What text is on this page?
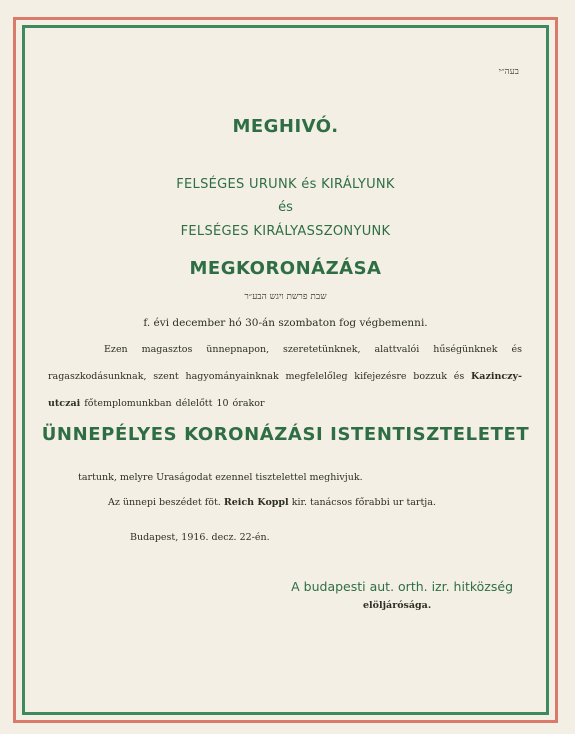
בעה״י
MEGHIVÓ.
FELSÉGES URUNK és KIRÁLYUNK
és
FELSÉGES KIRÁLYASSZONYUNK
MEGKORONÁZÁSA
שבת פרשת ויגש הבע״ר
f. évi december hó 30-án szombaton fog végbemenni.
Ezen magasztos ünnepnapon, szeretetünknek, alattvalói hűségünknek és ragaszkodásunknak, szent hagyományainknak megfelelőleg kifejezésre bozzuk és Kazinczy-utczai főtemplomunkban délelőtt 10 órakor
ÜNNEPÉLYES KORONÁZÁSI ISTENTISZTELETET
tartunk, melyre Uraságodat ezennel tisztelettel meghivjuk.
Az ünnepi beszédet föt. Reich Koppl kir. tanácsos főrabbi ur tartja.
Budapest, 1916. decz. 22-én.
A budapesti aut. orth. izr. hitközség
elöljárósága.
